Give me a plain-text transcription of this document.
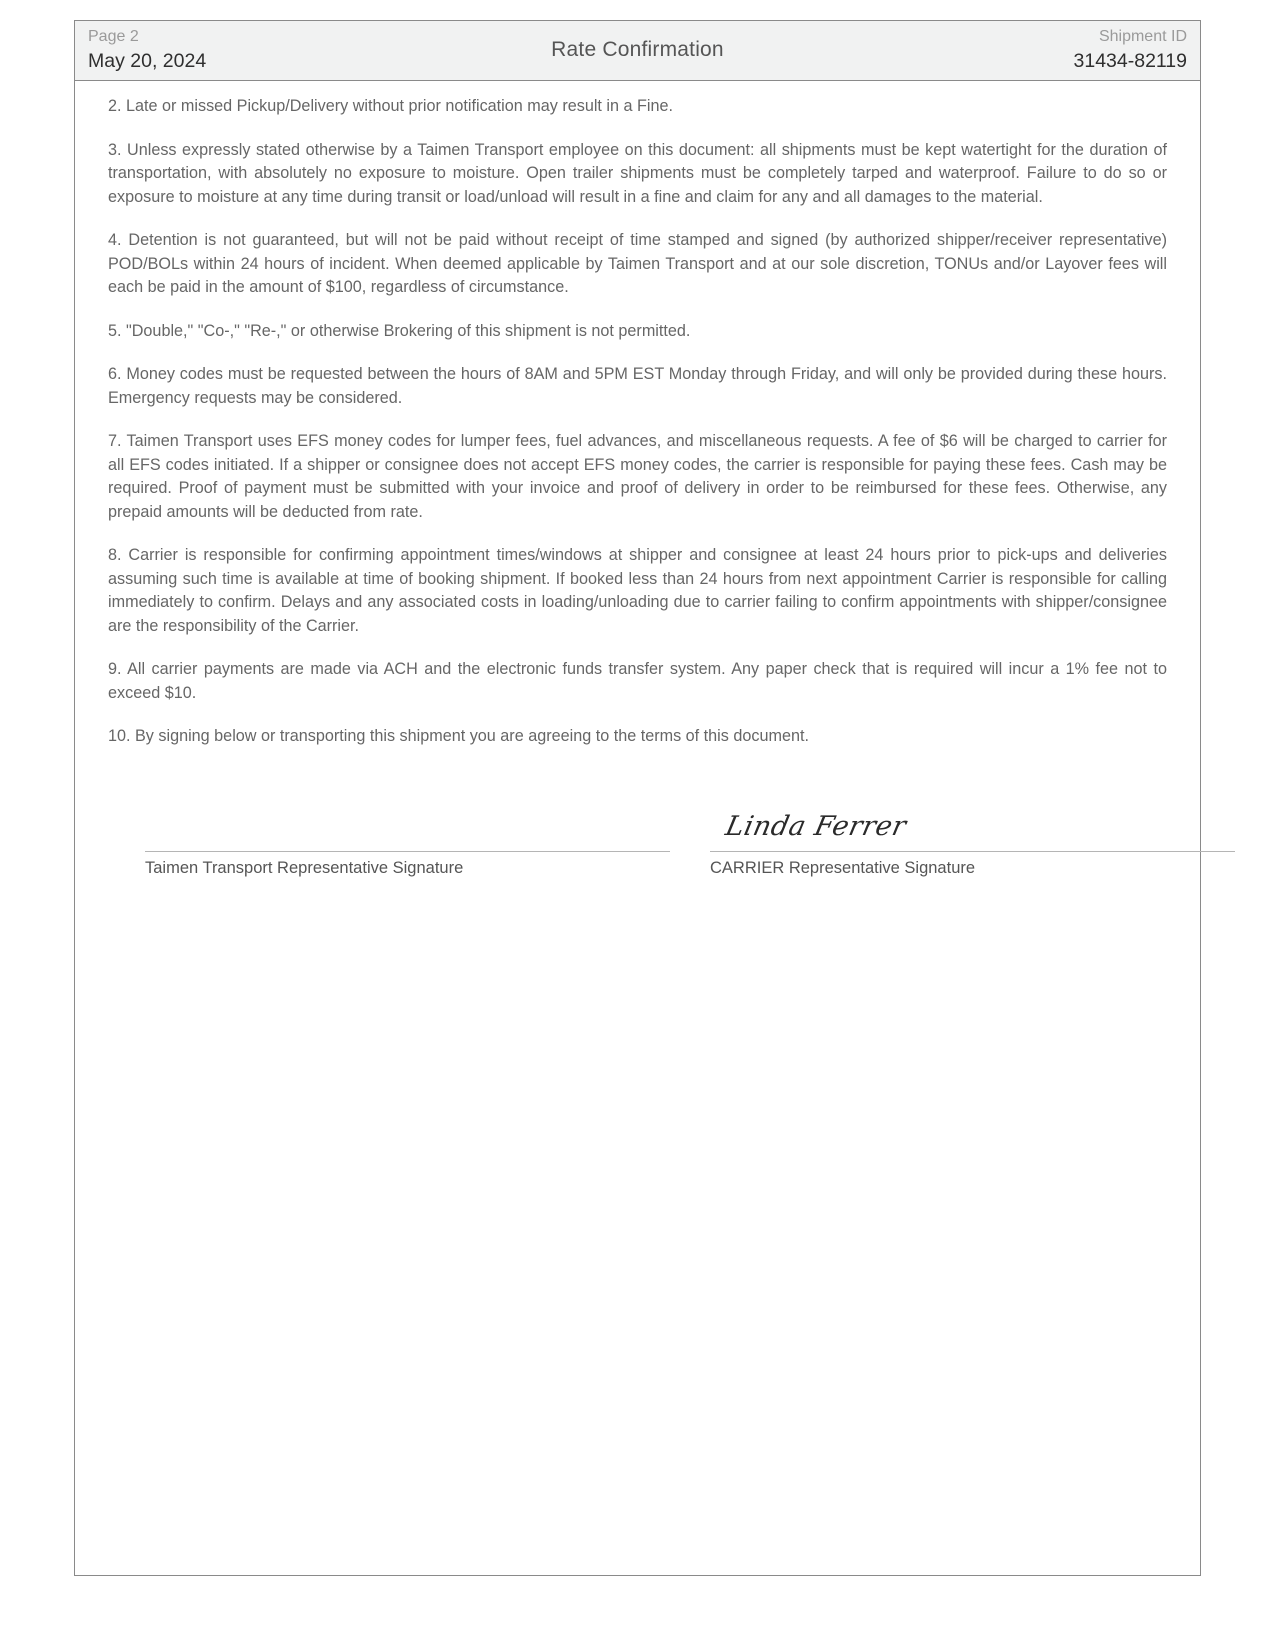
Page 2
May 20, 2024	Rate Confirmation
Shipment ID
31434-82119

2. Late or missed Pickup/Delivery without prior notification may result in a Fine.

3. Unless expressly stated otherwise by a Taimen Transport employee on this document: all shipments must be kept watertight for the duration of transportation, with absolutely no exposure to moisture. Open trailer shipments must be completely tarped and waterproof. Failure to do so or exposure to moisture at any time during transit or load/unload will result in a fine and claim for any and all damages to the material.

4. Detention is not guaranteed, but will not be paid without receipt of time stamped and signed (by authorized shipper/receiver representative) POD/BOLs within 24 hours of incident. When deemed applicable by Taimen Transport and at our sole discretion, TONUs and/or Layover fees will each be paid in the amount of $100, regardless of circumstance.

5. "Double," "Co-," "Re-," or otherwise Brokering of this shipment is not permitted.

6. Money codes must be requested between the hours of 8AM and 5PM EST Monday through Friday, and will only be provided during these hours. Emergency requests may be considered.

7. Taimen Transport uses EFS money codes for lumper fees, fuel advances, and miscellaneous requests. A fee of $6 will be charged to carrier for all EFS codes initiated. If a shipper or consignee does not accept EFS money codes, the carrier is responsible for paying these fees. Cash may be required. Proof of payment must be submitted with your invoice and proof of delivery in order to be reimbursed for these fees. Otherwise, any prepaid amounts will be deducted from rate.

8. Carrier is responsible for confirming appointment times/windows at shipper and consignee at least 24 hours prior to pick-ups and deliveries assuming such time is available at time of booking shipment. If booked less than 24 hours from next appointment Carrier is responsible for calling immediately to confirm. Delays and any associated costs in loading/unloading due to carrier failing to confirm appointments with shipper/consignee are the responsibility of the Carrier.

9. All carrier payments are made via ACH and the electronic funds transfer system. Any paper check that is required will incur a 1% fee not to exceed $10.

10. By signing below or transporting this shipment you are agreeing to the terms of this document.

Taimen Transport Representative Signature
Linda Ferrer
CARRIER Representative Signature
